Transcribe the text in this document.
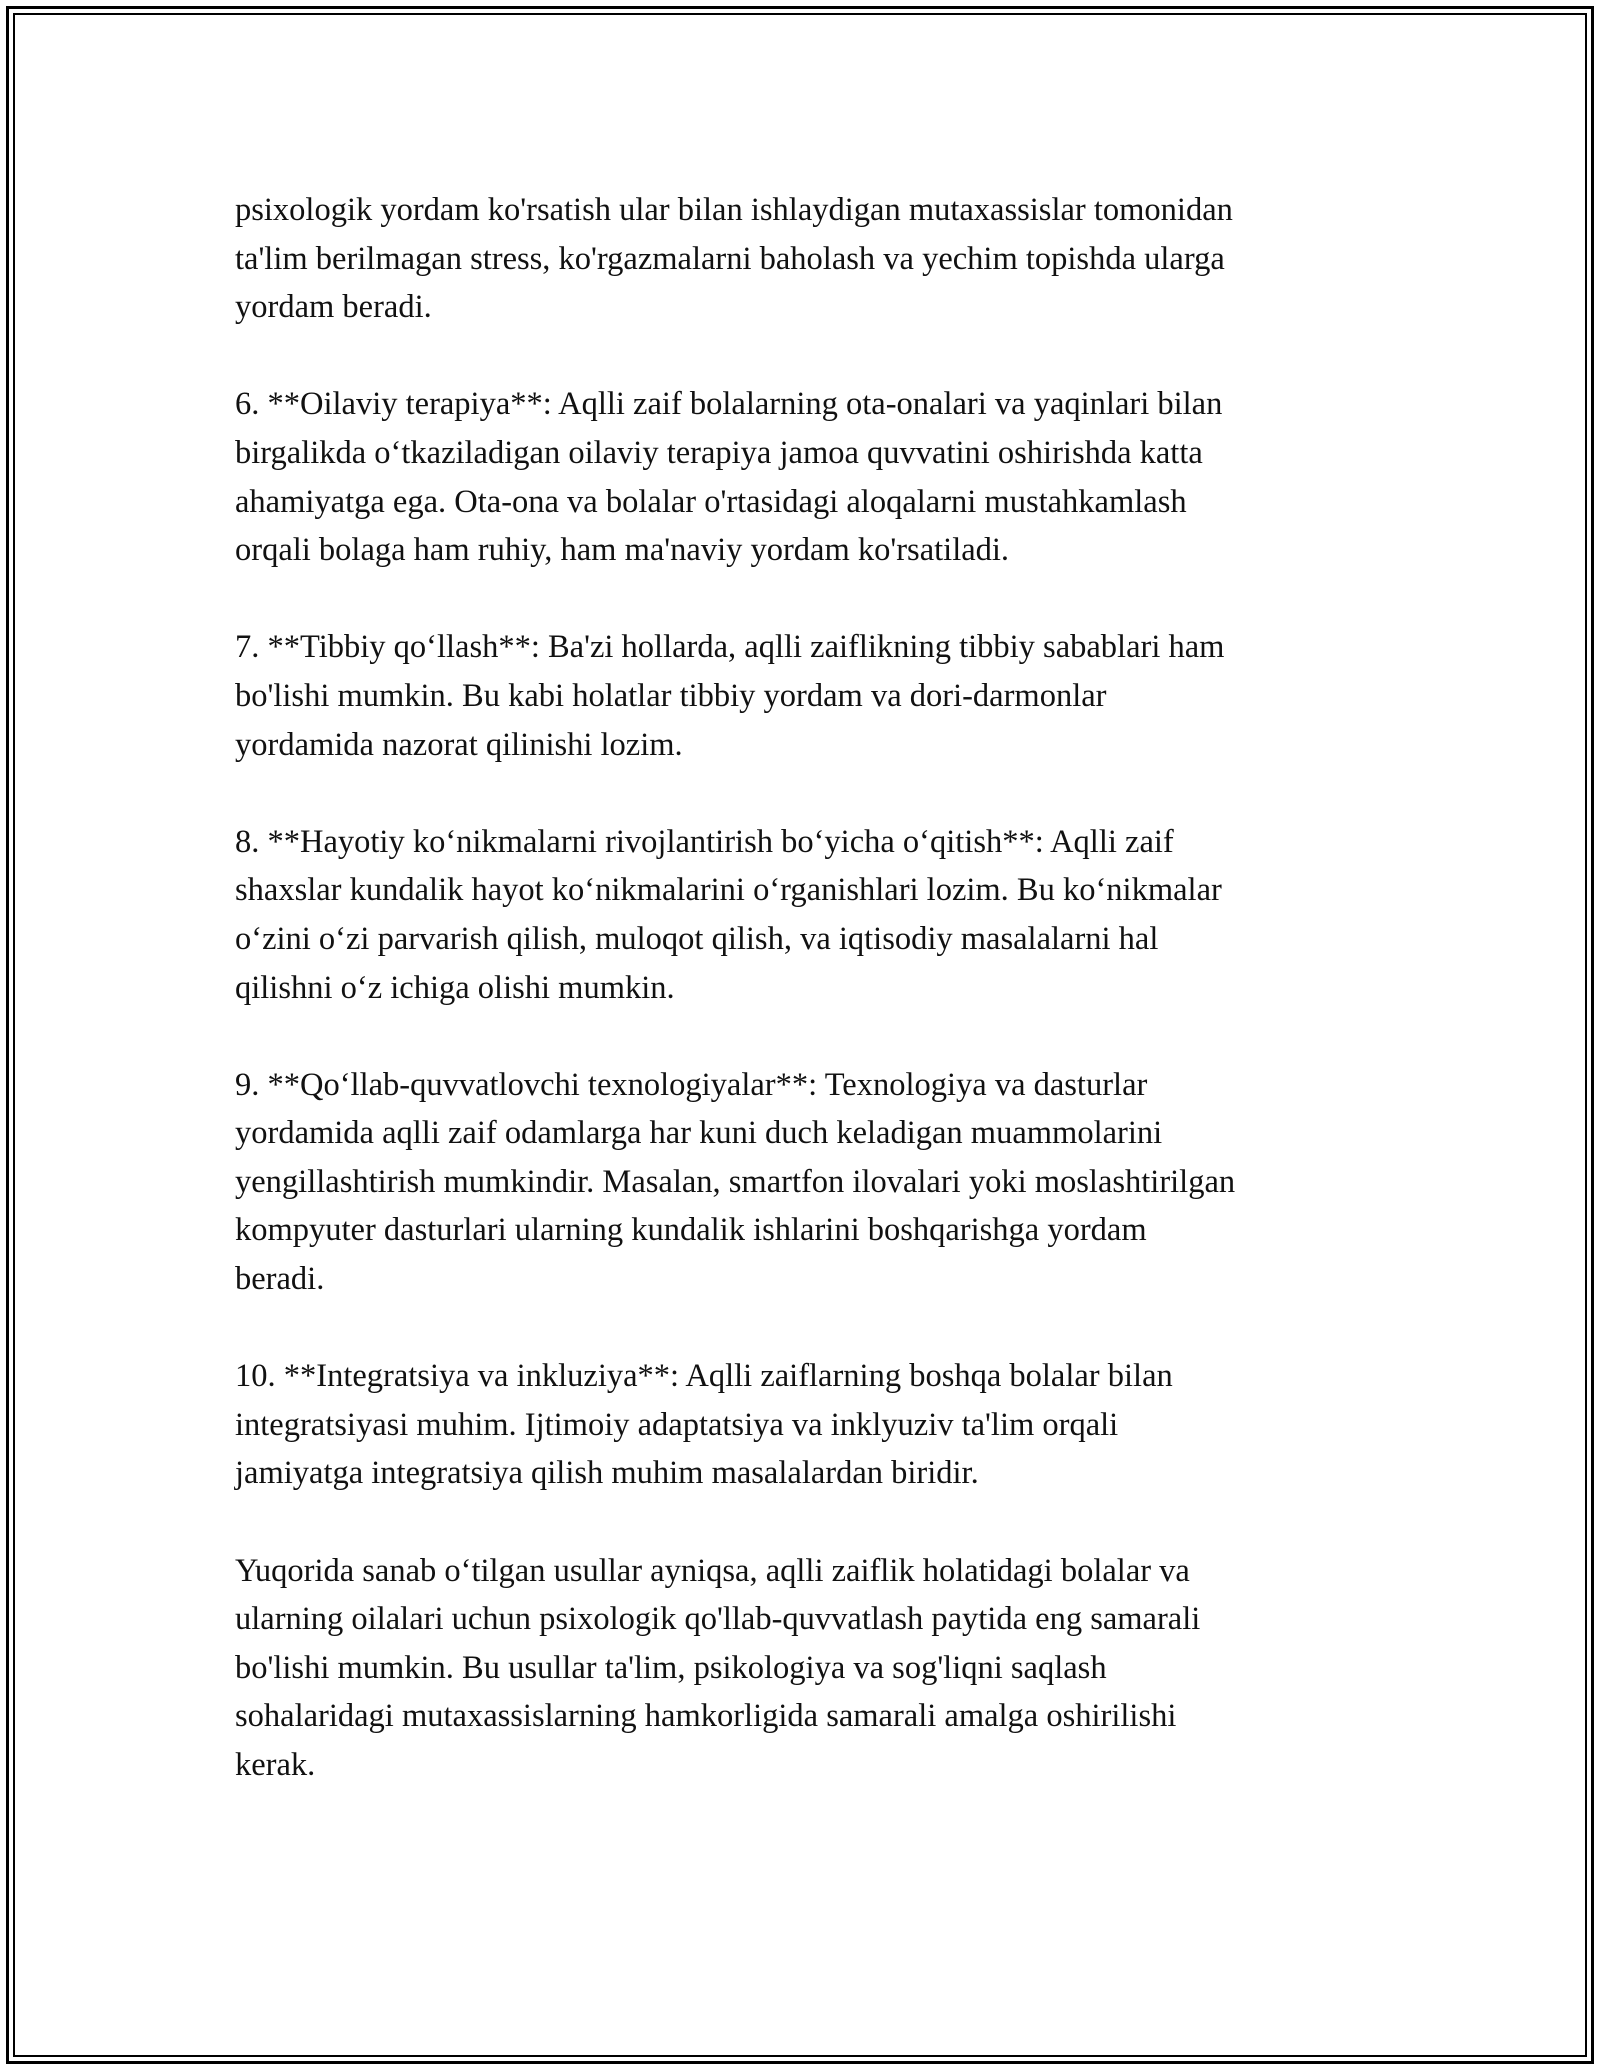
psixologik yordam ko'rsatish ular bilan ishlaydigan mutaxassislar tomonidan
ta'lim berilmagan stress, ko'rgazmalarni baholash va yechim topishda ularga
yordam beradi.

6. **Oilaviy terapiya**: Aqlli zaif bolalarning ota-onalari va yaqinlari bilan
birgalikda o‘tkaziladigan oilaviy terapiya jamoa quvvatini oshirishda katta
ahamiyatga ega. Ota-ona va bolalar o'rtasidagi aloqalarni mustahkamlash
orqali bolaga ham ruhiy, ham ma'naviy yordam ko'rsatiladi.

7. **Tibbiy qo‘llash**: Ba'zi hollarda, aqlli zaiflikning tibbiy sabablari ham
bo'lishi mumkin. Bu kabi holatlar tibbiy yordam va dori-darmonlar
yordamida nazorat qilinishi lozim.

8. **Hayotiy ko‘nikmalarni rivojlantirish bo‘yicha o‘qitish**: Aqlli zaif
shaxslar kundalik hayot ko‘nikmalarini o‘rganishlari lozim. Bu ko‘nikmalar
o‘zini o‘zi parvarish qilish, muloqot qilish, va iqtisodiy masalalarni hal
qilishni o‘z ichiga olishi mumkin.

9. **Qo‘llab-quvvatlovchi texnologiyalar**: Texnologiya va dasturlar
yordamida aqlli zaif odamlarga har kuni duch keladigan muammolarini
yengillashtirish mumkindir. Masalan, smartfon ilovalari yoki moslashtirilgan
kompyuter dasturlari ularning kundalik ishlarini boshqarishga yordam
beradi.

10. **Integratsiya va inkluziya**: Aqlli zaiflarning boshqa bolalar bilan
integratsiyasi muhim. Ijtimoiy adaptatsiya va inklyuziv ta'lim orqali
jamiyatga integratsiya qilish muhim masalalardan biridir.

Yuqorida sanab o‘tilgan usullar ayniqsa, aqlli zaiflik holatidagi bolalar va
ularning oilalari uchun psixologik qo'llab-quvvatlash paytida eng samarali
bo'lishi mumkin. Bu usullar ta'lim, psikologiya va sog'liqni saqlash
sohalaridagi mutaxassislarning hamkorligida samarali amalga oshirilishi
kerak.
